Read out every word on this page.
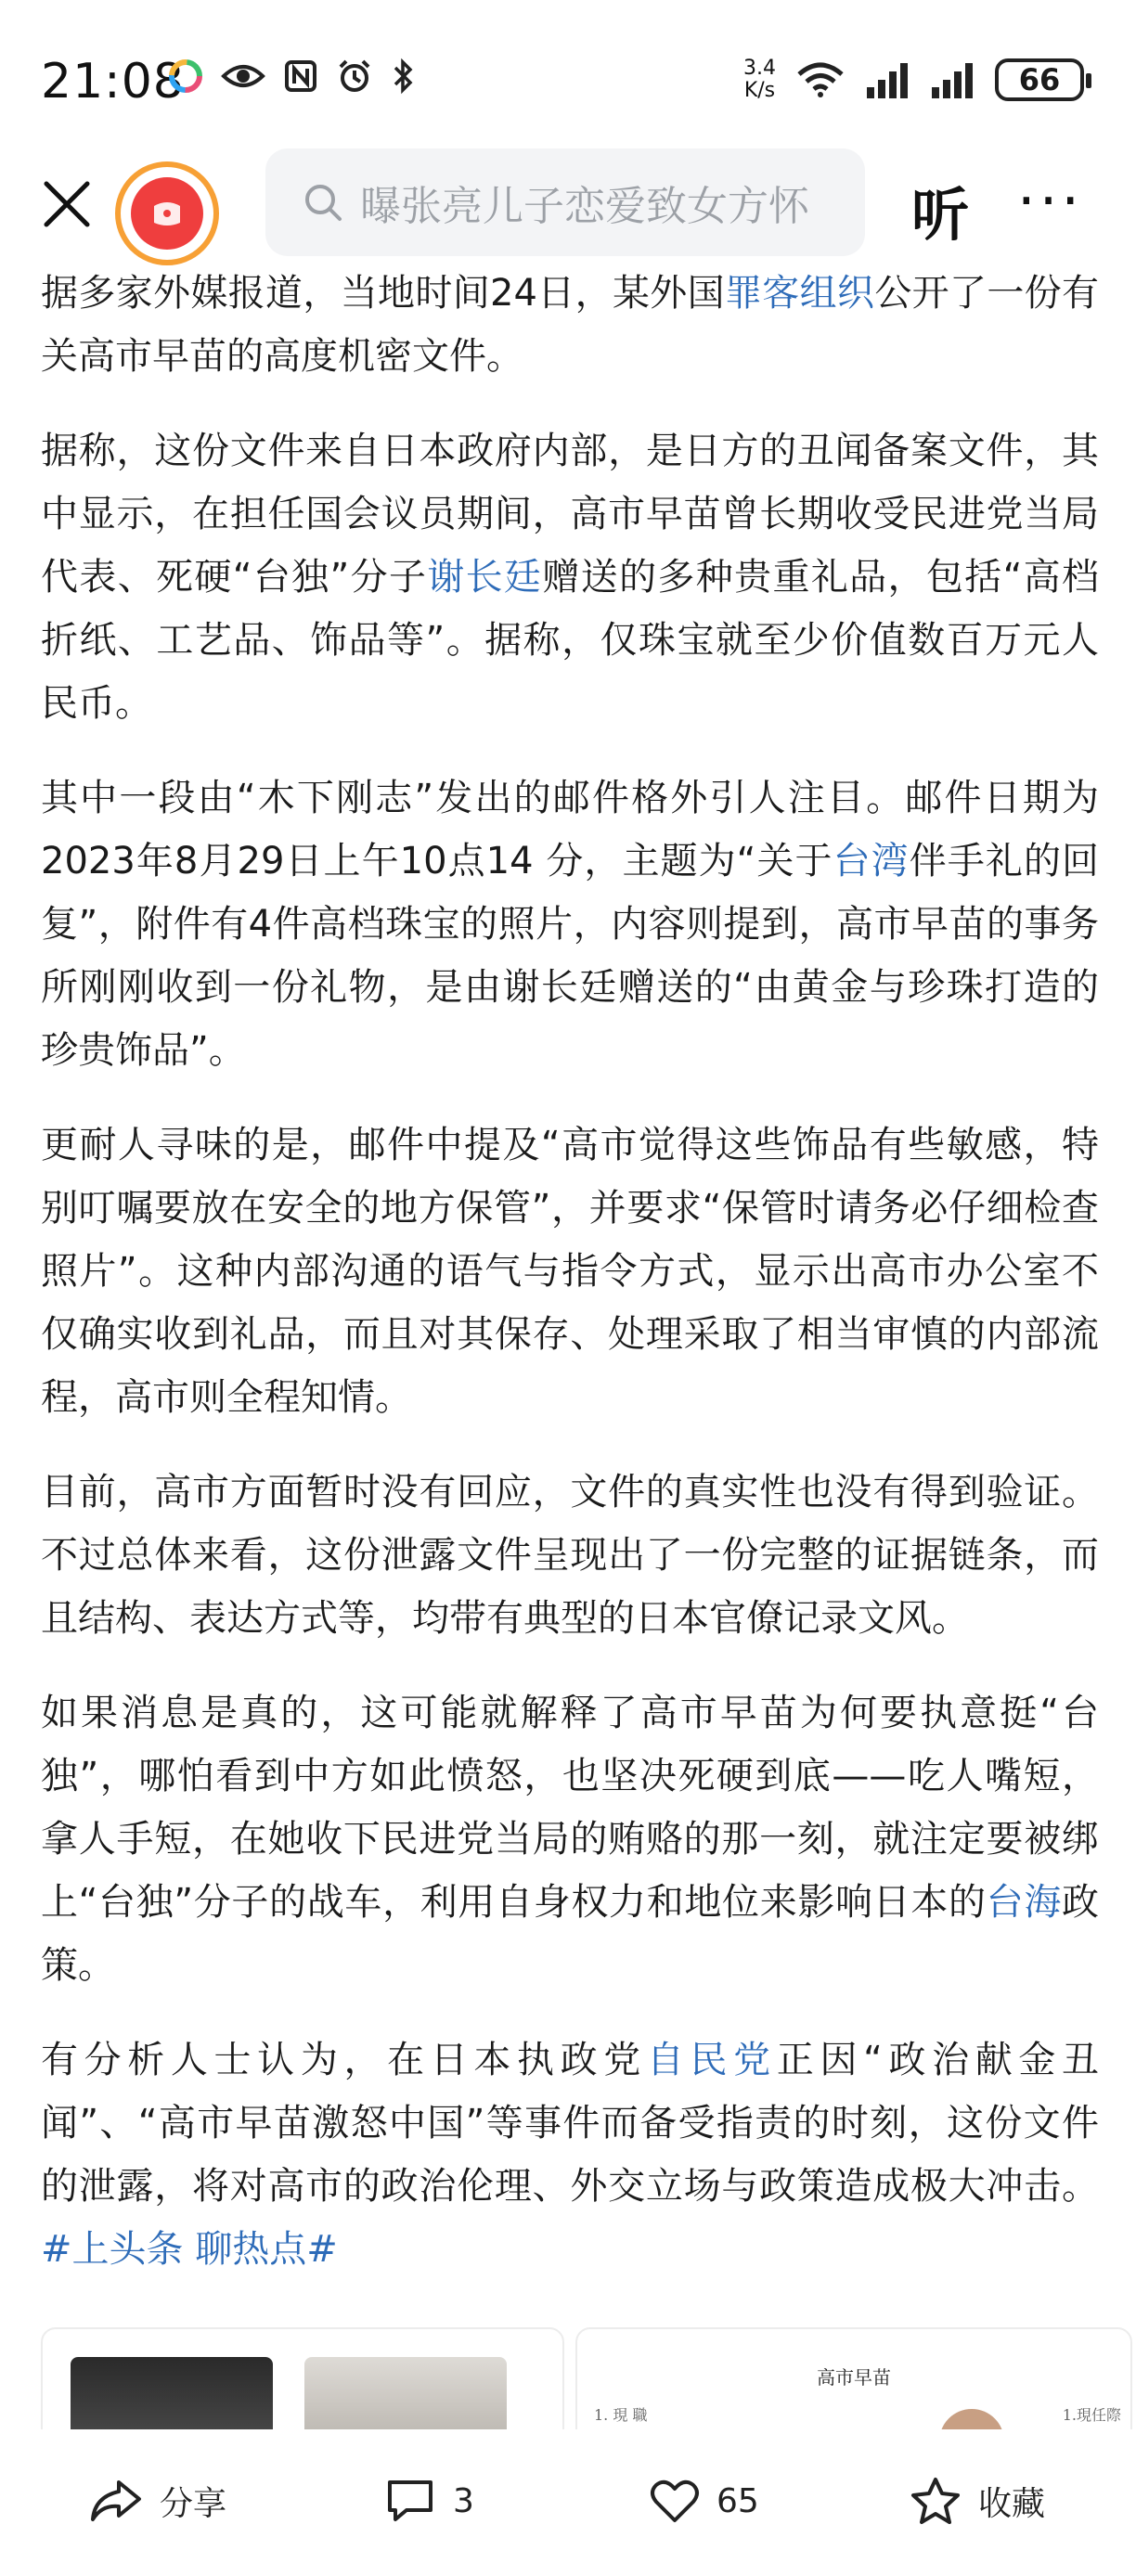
21:08	3.4
K/s	66
曝张亮儿子恋爱致女方怀	听 ···

据多家外媒报道，当地时间24日，某外国罪客组织公开了一份有关高市早苗的高度机密文件。

据称，这份文件来自日本政府内部，是日方的丑闻备案文件，其中显示，在担任国会议员期间，高市早苗曾长期收受民进党当局代表、死硬“台独”分子谢长廷赠送的多种贵重礼品，包括“高档折纸、工艺品、饰品等”。据称，仅珠宝就至少价值数百万元人民币。

其中一段由“木下刚志”发出的邮件格外引人注目。邮件日期为2023年8月29日上午10点14 分，主题为“关于台湾伴手礼的回复”，附件有4件高档珠宝的照片，内容则提到，高市早苗的事务所刚刚收到一份礼物，是由谢长廷赠送的“由黄金与珍珠打造的珍贵饰品”。

更耐人寻味的是，邮件中提及“高市觉得这些饰品有些敏感，特别叮嘱要放在安全的地方保管”，并要求“保管时请务必仔细检查照片”。这种内部沟通的语气与指令方式，显示出高市办公室不仅确实收到礼品，而且对其保存、处理采取了相当审慎的内部流程，高市则全程知情。

目前，高市方面暂时没有回应，文件的真实性也没有得到验证。不过总体来看，这份泄露文件呈现出了一份完整的证据链条，而且结构、表达方式等，均带有典型的日本官僚记录文风。

如果消息是真的，这可能就解释了高市早苗为何要执意挺“台独”，哪怕看到中方如此愤怒，也坚决死硬到底——吃人嘴短，拿人手短，在她收下民进党当局的贿赂的那一刻，就注定要被绑上“台独”分子的战车，利用自身权力和地位来影响日本的台海政策。

有分析人士认为，在日本执政党自民党正因“政治献金丑闻”、“高市早苗激怒中国”等事件而备受指责的时刻，这份文件的泄露，将对高市的政治伦理、外交立场与政策造成极大冲击。#上头条 聊热点#

高市早苗
1. 現 職	1.現任際
分享	3	65	收藏
